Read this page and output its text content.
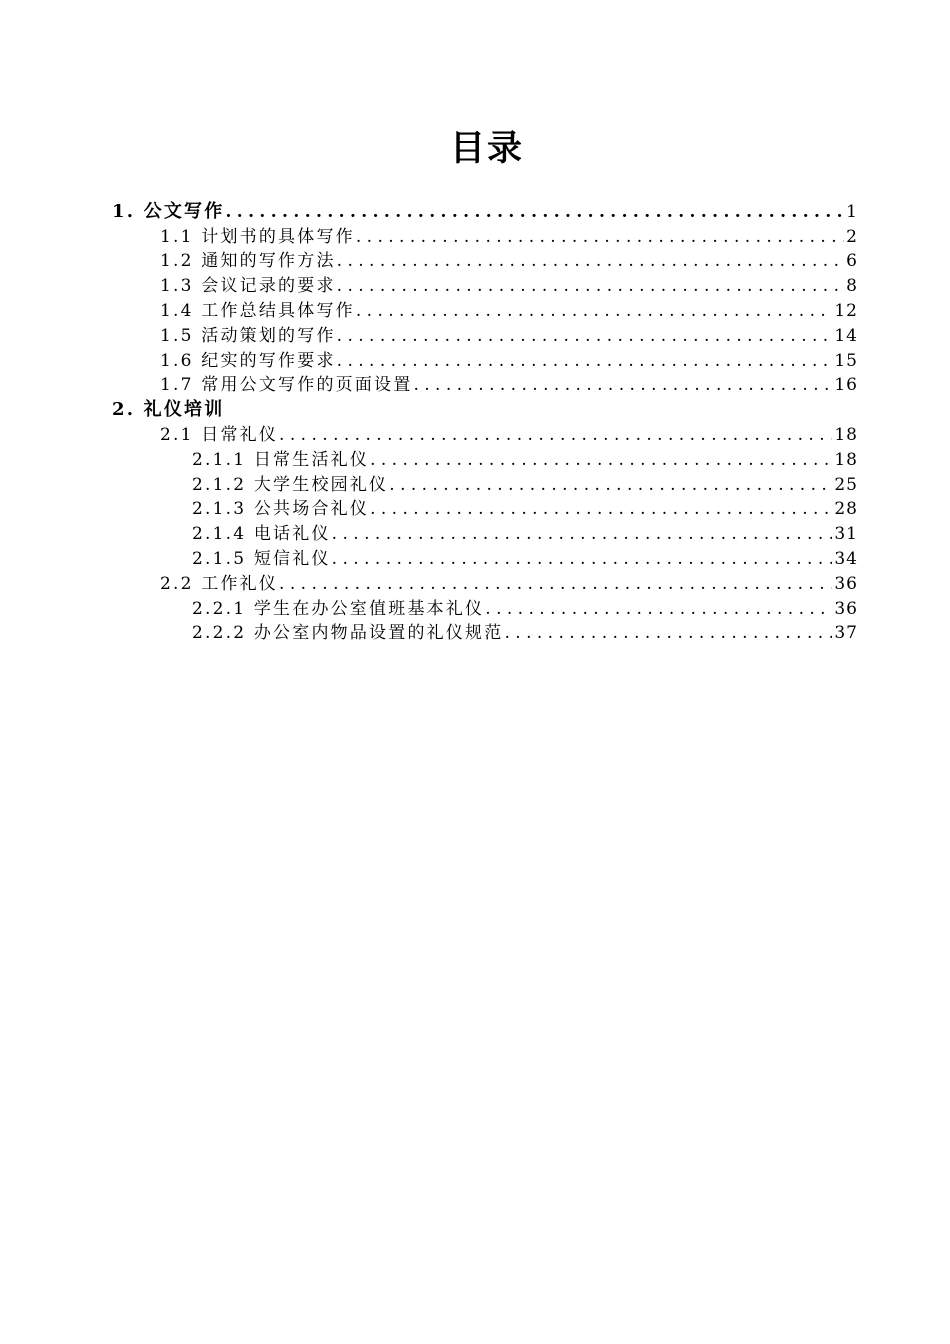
目录
1. 公文写作 .....	1
1.1 计划书的具体写作 .....	2
1.2 通知的写作方法 .....	6
1.3 会议记录的要求 .....	8
1.4 工作总结具体写作 .....	12
1.5 活动策划的写作 .....	14
1.6 纪实的写作要求 .....	15
1.7 常用公文写作的页面设置 .....	16
2. 礼仪培训
2.1 日常礼仪 .....	18
2.1.1 日常生活礼仪 .....	18
2.1.2 大学生校园礼仪 .....	25
2.1.3 公共场合礼仪 .....	28
2.1.4 电话礼仪 .....	31
2.1.5 短信礼仪 .....	34
2.2 工作礼仪 .....	36
2.2.1 学生在办公室值班基本礼仪 .....	36
2.2.2 办公室内物品设置的礼仪规范 .....	37
